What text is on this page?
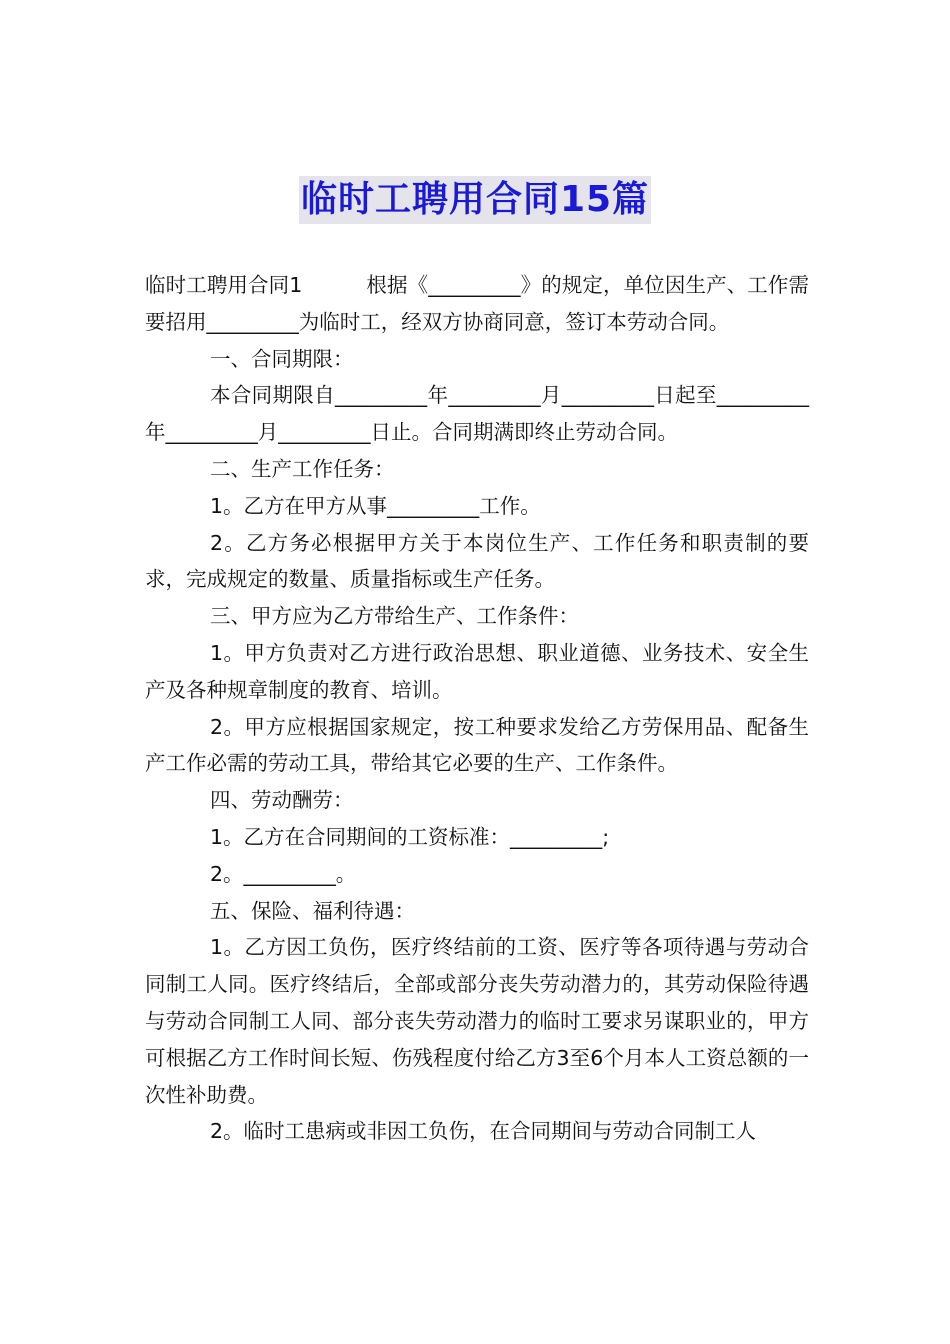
临时工聘用合同15篇

临时工聘用合同1	根据《_________》的规定，单位因生产、工作需要招用_________为临时工，经双方协商同意，签订本劳动合同。

一、合同期限：

本合同期限自_________年_________月_________日起至_________年_________月_________日止。合同期满即终止劳动合同。

二、生产工作任务：

1。乙方在甲方从事_________工作。

2。乙方务必根据甲方关于本岗位生产、工作任务和职责制的要求，完成规定的数量、质量指标或生产任务。

三、甲方应为乙方带给生产、工作条件：

1。甲方负责对乙方进行政治思想、职业道德、业务技术、安全生产及各种规章制度的教育、培训。

2。甲方应根据国家规定，按工种要求发给乙方劳保用品、配备生产工作必需的劳动工具，带给其它必要的生产、工作条件。

四、劳动酬劳：

1。乙方在合同期间的工资标准：_________;

2。_________。

五、保险、福利待遇：

1。乙方因工负伤，医疗终结前的工资、医疗等各项待遇与劳动合同制工人同。医疗终结后，全部或部分丧失劳动潜力的，其劳动保险待遇与劳动合同制工人同、部分丧失劳动潜力的临时工要求另谋职业的，甲方可根据乙方工作时间长短、伤残程度付给乙方3至6个月本人工资总额的一次性补助费。

2。临时工患病或非因工负伤，在合同期间与劳动合同制工人
